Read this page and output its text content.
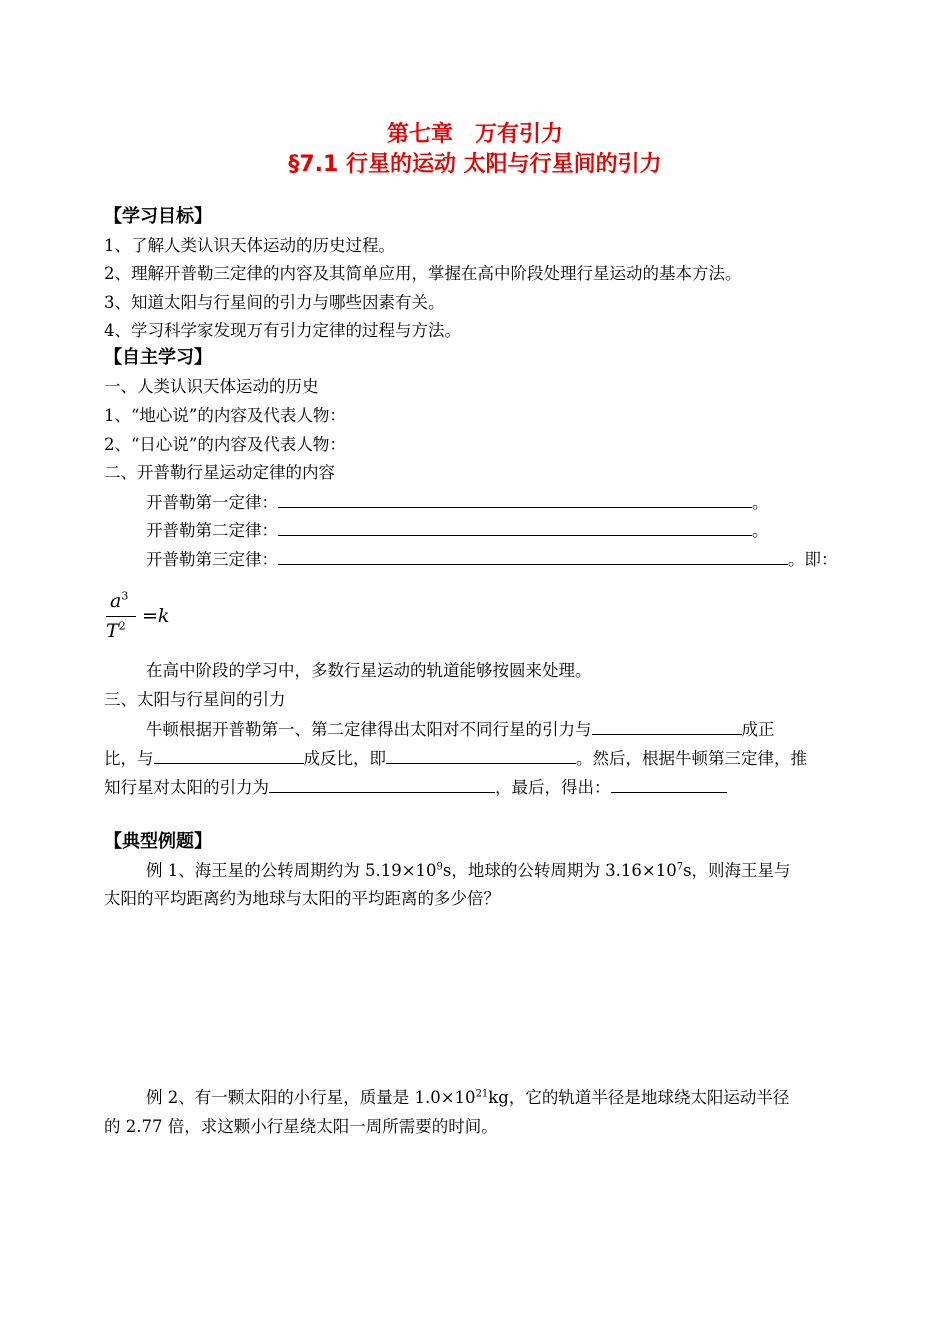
第七章　万有引力
§7.1 行星的运动 太阳与行星间的引力
【学习目标】
1、了解人类认识天体运动的历史过程。
2、理解开普勒三定律的内容及其简单应用，掌握在高中阶段处理行星运动的基本方法。
3、知道太阳与行星间的引力与哪些因素有关。
4、学习科学家发现万有引力定律的过程与方法。
【自主学习】
一、人类认识天体运动的历史
1、“地心说”的内容及代表人物：
2、“日心说”的内容及代表人物：
二、开普勒行星运动定律的内容
开普勒第一定律：	。
开普勒第二定律：	。
开普勒第三定律：	。即：
$a^3$
$T^2 =k$
在高中阶段的学习中，多数行星运动的轨道能够按圆来处理。
三、太阳与行星间的引力
牛顿根据开普勒第一、第二定律得出太阳对不同行星的引力与	成正
比，与	成反比，即	。然后，根据牛顿第三定律，推
知行星对太阳的引力为	，最后，得出：
【典型例题】
例 1、海王星的公转周期约为 $5.19\times 10^9s$，地球的公转周期为 $3.16\times 10^7s$，则海王星与
太阳的平均距离约为地球与太阳的平均距离的多少倍？
例 2、有一颗太阳的小行星，质量是 $1.0\times 10^{21}kg$，它的轨道半径是地球绕太阳运动半径
的 2.77 倍，求这颗小行星绕太阳一周所需要的时间。
